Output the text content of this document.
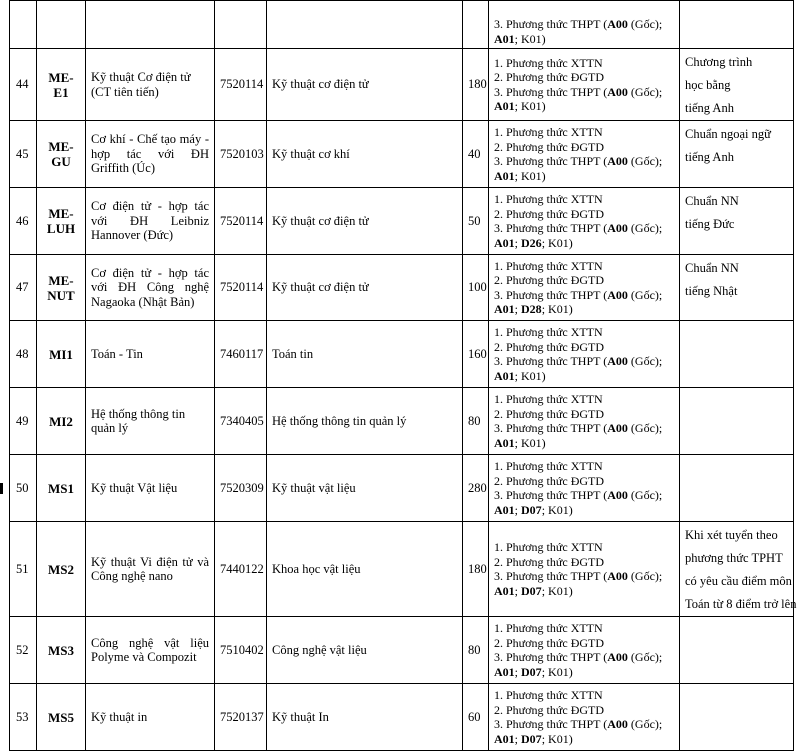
						3. Phương thức THPT (A00 (Gốc);
A01; K01)	

44	ME-E1	Kỹ thuật Cơ điện tử (CT tiên tiến)	7520114	Kỹ thuật cơ điện tử	180	1. Phương thức XTTN
2. Phương thức ĐGTD
3. Phương thức THPT (A00 (Gốc);
A01; K01)	Chương trình
học bằng
tiếng Anh

45	ME-GU	Cơ khí - Chế tạo máy - hợp tác với ĐH Griffith (Úc)	7520103	Kỹ thuật cơ khí	40	1. Phương thức XTTN
2. Phương thức ĐGTD
3. Phương thức THPT (A00 (Gốc);
A01; K01)	Chuẩn ngoại ngữ
tiếng Anh

46	ME-LUH	Cơ điện tử - hợp tác với ĐH Leibniz Hannover (Đức)	7520114	Kỹ thuật cơ điện tử	50	1. Phương thức XTTN
2. Phương thức ĐGTD
3. Phương thức THPT (A00 (Gốc);
A01; D26; K01)	Chuẩn NN
tiếng Đức

47	ME-NUT	Cơ điện tử - hợp tác với ĐH Công nghệ Nagaoka (Nhật Bản)	7520114	Kỹ thuật cơ điện tử	100	1. Phương thức XTTN
2. Phương thức ĐGTD
3. Phương thức THPT (A00 (Gốc);
A01; D28; K01)	Chuẩn NN
tiếng Nhật

48	MI1	Toán - Tin	7460117	Toán tin	160	1. Phương thức XTTN
2. Phương thức ĐGTD
3. Phương thức THPT (A00 (Gốc);
A01; K01)	

49	MI2	Hệ thống thông tin quản lý	7340405	Hệ thống thông tin quản lý	80	1. Phương thức XTTN
2. Phương thức ĐGTD
3. Phương thức THPT (A00 (Gốc);
A01; K01)	

50	MS1	Kỹ thuật Vật liệu	7520309	Kỹ thuật vật liệu	280	1. Phương thức XTTN
2. Phương thức ĐGTD
3. Phương thức THPT (A00 (Gốc);
A01; D07; K01)	

51	MS2	Kỹ thuật Vi điện tử và Công nghệ nano	7440122	Khoa học vật liệu	180	1. Phương thức XTTN
2. Phương thức ĐGTD
3. Phương thức THPT (A00 (Gốc);
A01; D07; K01)	Khi xét tuyển theo
phương thức TPHT
có yêu cầu điểm môn
Toán từ 8 điểm trở lên

52	MS3	Công nghệ vật liệu Polyme và Compozit	7510402	Công nghệ vật liệu	80	1. Phương thức XTTN
2. Phương thức ĐGTD
3. Phương thức THPT (A00 (Gốc);
A01; D07; K01)	

53	MS5	Kỹ thuật in	7520137	Kỹ thuật In	60	1. Phương thức XTTN
2. Phương thức ĐGTD
3. Phương thức THPT (A00 (Gốc);
A01; D07; K01)	
